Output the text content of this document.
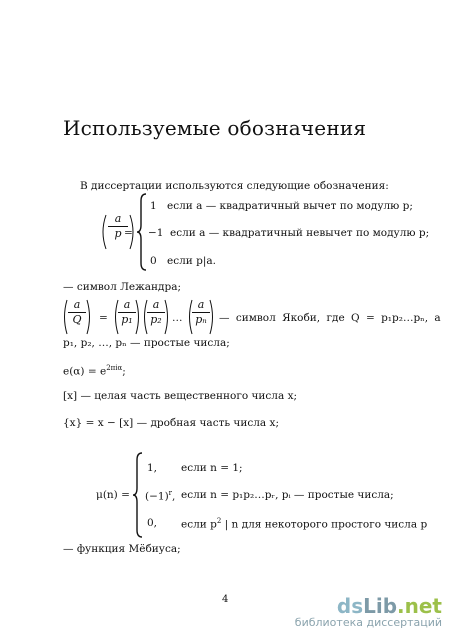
Используемые обозначения
В диссертации используются следующие обозначения:
a
p =
1 если a — квадратичный вычет по модулю p;
−1 если a — квадратичный невычет по модулю p;
0 если p|a.
— символ Лежандра;
a
Q =
a
p₁
a
p₂ …
a
pₙ — символ Якоби, где Q = p₁p₂…pₙ, а
p₁, p₂, …, pₙ — простые числа;
$e(\alpha) = e^{2\pi i\alpha}$;
[x] — целая часть вещественного числа x;
{x} = x − [x] — дробная часть числа x;
μ(n) =
1, если n = 1;
$(-1)^r$, если n = p₁p₂…pᵣ, pᵢ — простые числа;
0, если $p^2$ | n для некоторого простого числа p
— функция Мёбиуса;
4	dsLib.net
библиотека диссертаций
